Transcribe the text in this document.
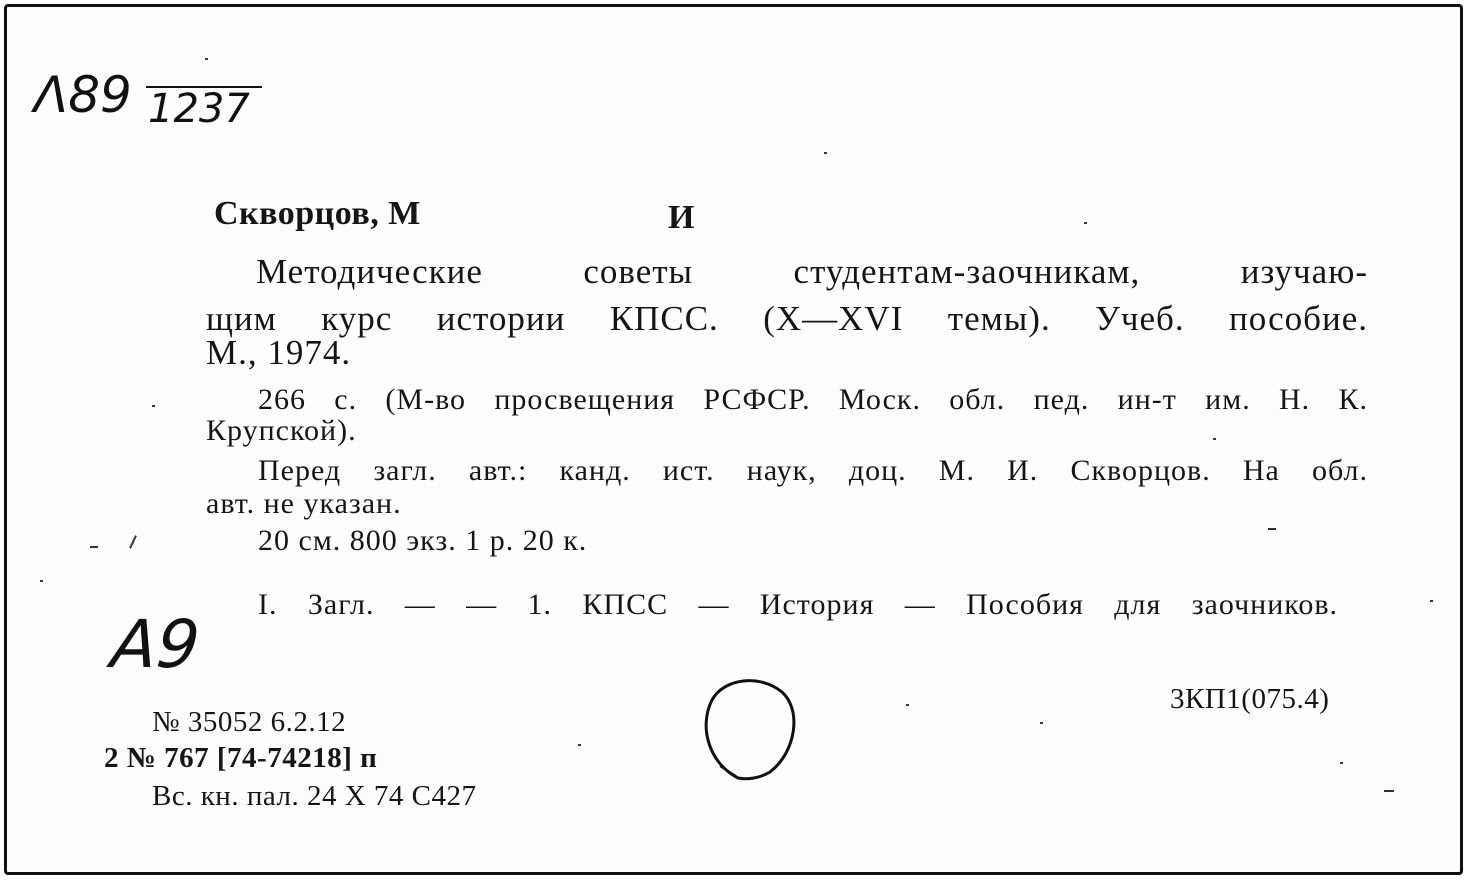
Λ89 1237
A9
Скворцов, М	И
Методические советы студентам-заочникам, изучаю-
щим курс истории КПСС. (X—XVI темы). Учеб. пособие.
М., 1974.
266 с. (М-во просвещения РСФСР. Моск. обл. пед. ин-т им. Н. К.
Крупской).
Перед загл. авт.: канд. ист. наук, доц. М. И. Скворцов. На обл.
авт. не указан.
20 см. 800 экз. 1 р. 20 к.
I. Загл. — — 1. КПСС — История — Пособия для заочников.
3КП1(075.4)
№ 35052 6.2.12
2 № 767 [74-74218] п
Вс. кн. пал. 24 X 74 C427
